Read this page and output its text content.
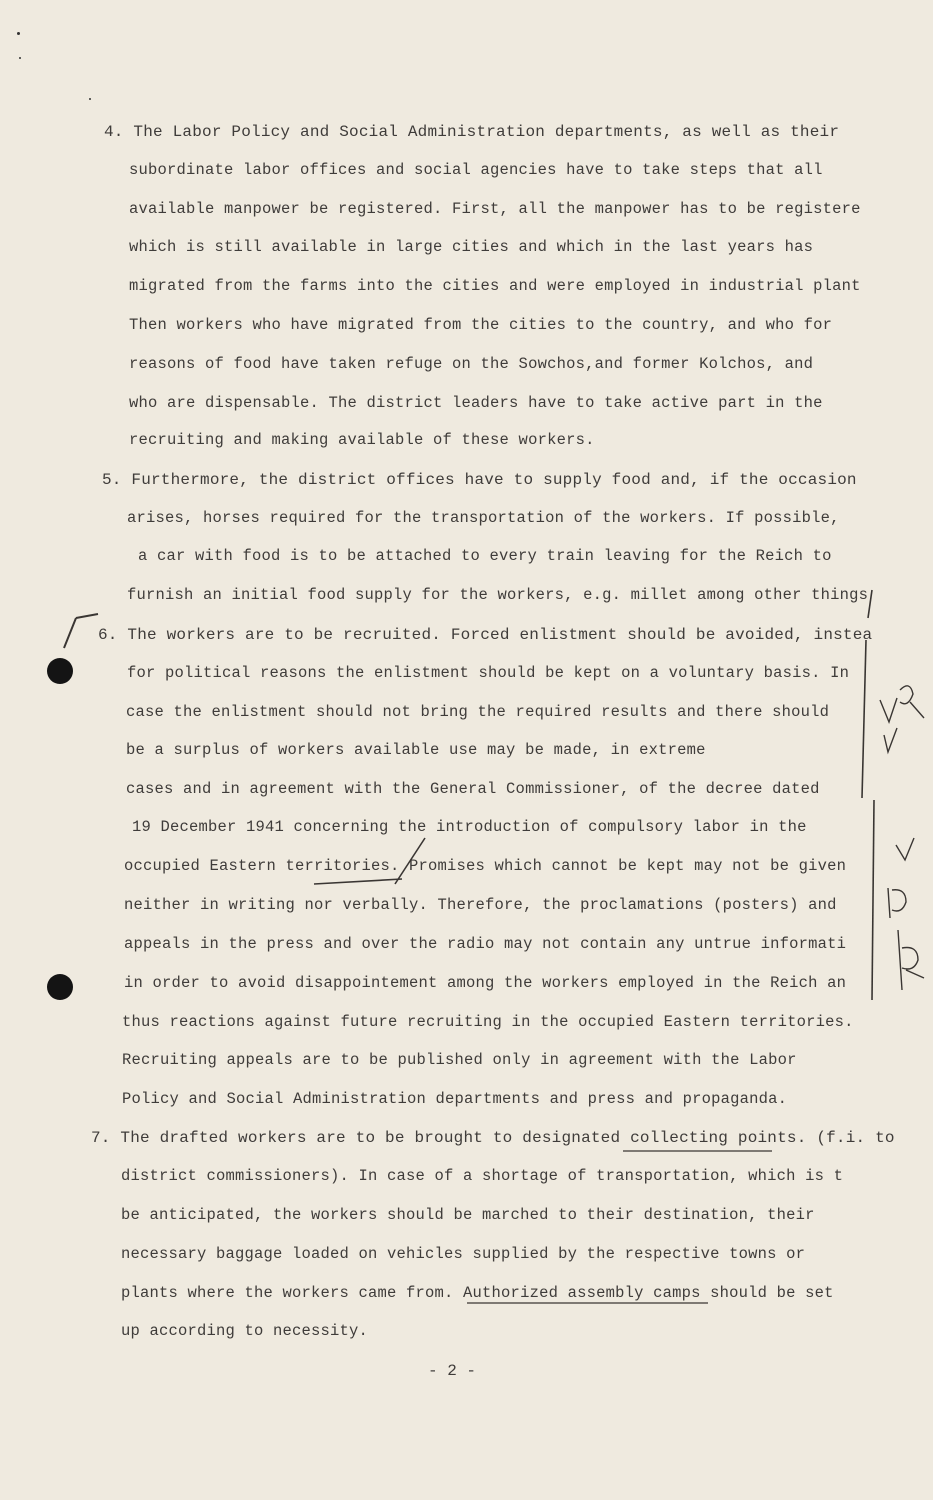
4. The Labor Policy and Social Administration departments, as well as their
subordinate labor offices and social agencies have to take steps that all
available manpower be registered. First, all the manpower has to be registere
which is still available in large cities and which in the last years has
migrated from the farms into the cities and were employed in industrial plant
Then workers who have migrated from the cities to the country, and who for
reasons of food have taken refuge on the Sowchos,and former Kolchos, and
who are dispensable. The district leaders have to take active part in the
recruiting and making available of these workers.
5. Furthermore, the district offices have to supply food and, if the occasion
arises, horses required for the transportation of the workers. If possible,
a car with food is to be attached to every train leaving for the Reich to
furnish an initial food supply for the workers, e.g. millet among other things
6. The workers are to be recruited. Forced enlistment should be avoided, instea
for political reasons the enlistment should be kept on a voluntary basis. In
case the enlistment should not bring the required results and there should
be a surplus of workers available use may be made, in extreme
cases and in agreement with the General Commissioner, of the decree dated
19 December 1941 concerning the introduction of compulsory labor in the
occupied Eastern territories. Promises which cannot be kept may not be given
neither in writing nor verbally. Therefore, the proclamations (posters) and
appeals in the press and over the radio may not contain any untrue informati
in order to avoid disappointement among the workers employed in the Reich an
thus reactions against future recruiting in the occupied Eastern territories.
Recruiting appeals are to be published only in agreement with the Labor
Policy and Social Administration departments and press and propaganda.
7. The drafted workers are to be brought to designated collecting points. (f.i. to
district commissioners). In case of a shortage of transportation, which is t
be anticipated, the workers should be marched to their destination, their
necessary baggage loaded on vehicles supplied by the respective towns or
plants where the workers came from. Authorized assembly camps should be set
up according to necessity.
- 2 -
